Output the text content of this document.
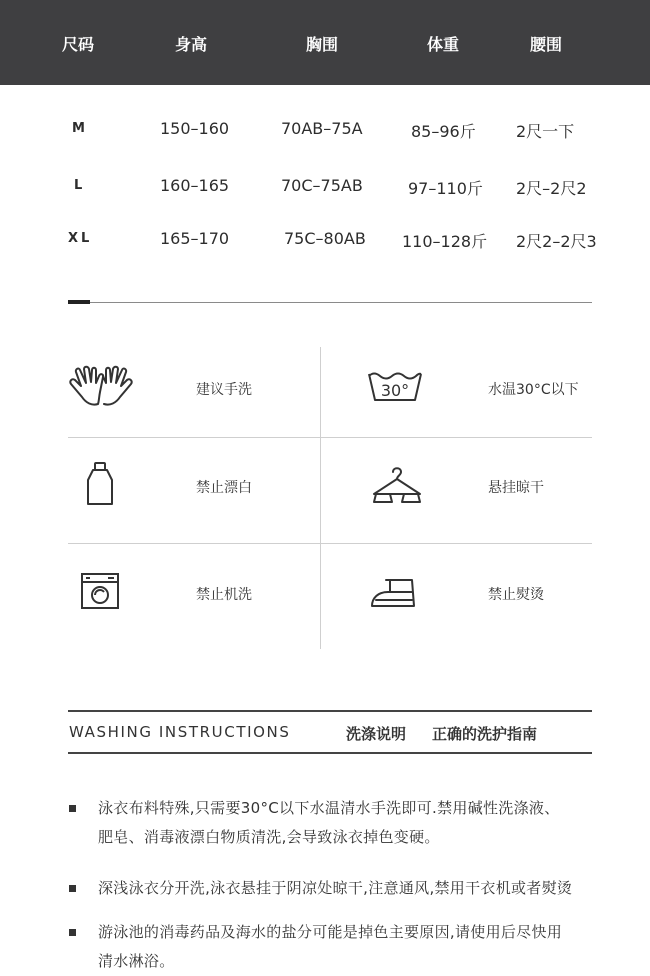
尺码	身高	胸围	体重	腰围
M	150–160	70AB–75A	85–96斤	2尺一下
L	160–165	70C–75AB	97–110斤 2尺–2尺2
XL	165–170	75C–80AB 110–128斤 2尺2–2尺3
建议手洗	30°	水温30°C以下
禁止漂白	悬挂晾干
禁止机洗	禁止熨烫
WASHING INSTRUCTIONS	洗涤说明 正确的洗护指南
泳衣布料特殊,只需要30°C以下水温清水手洗即可.禁用碱性洗涤液、
肥皂、消毒液漂白物质清洗,会导致泳衣掉色变硬。
深浅泳衣分开洗,泳衣悬挂于阴凉处晾干,注意通风,禁用干衣机或者熨烫
游泳池的消毒药品及海水的盐分可能是掉色主要原因,请使用后尽快用
清水淋浴。
